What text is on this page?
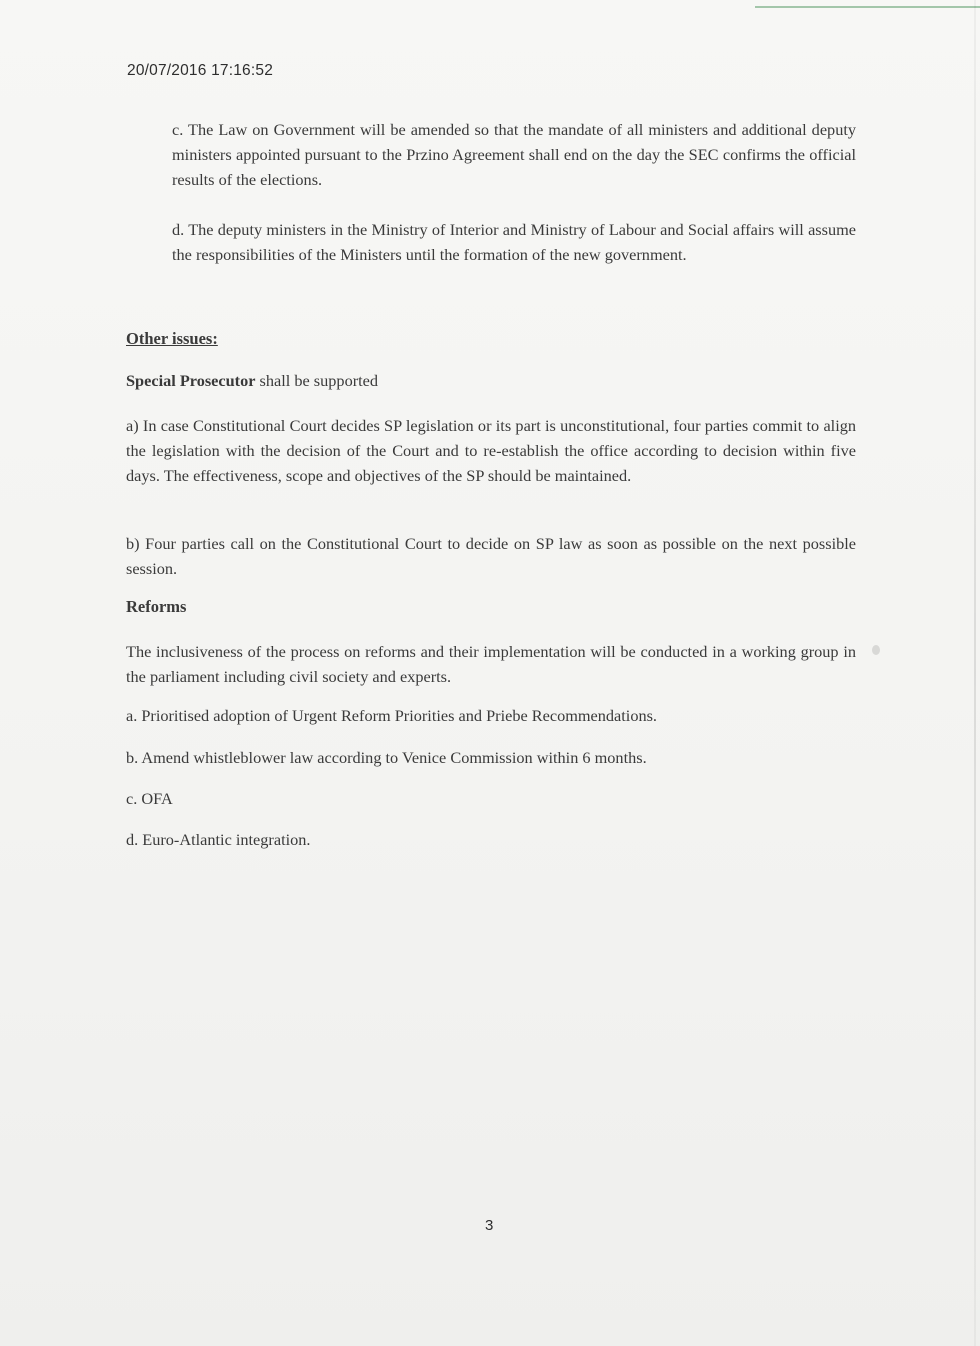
20/07/2016 17:16:52

c. The Law on Government will be amended so that the mandate of all ministers and additional deputy ministers appointed pursuant to the Przino Agreement shall end on the day the SEC confirms the official results of the elections.

d. The deputy ministers in the Ministry of Interior and Ministry of Labour and Social affairs will assume the responsibilities of the Ministers until the formation of the new government.

Other issues:

Special Prosecutor shall be supported

a) In case Constitutional Court decides SP legislation or its part is unconstitutional, four parties commit to align the legislation with the decision of the Court and to re-establish the office according to decision within five days. The effectiveness, scope and objectives of the SP should be maintained.

b) Four parties call on the Constitutional Court to decide on SP law as soon as possible on the next possible session.

Reforms

The inclusiveness of the process on reforms and their implementation will be conducted in a working group in the parliament including civil society and experts.

a. Prioritised adoption of Urgent Reform Priorities and Priebe Recommendations.

b. Amend whistleblower law according to Venice Commission within 6 months.

c. OFA

d. Euro-Atlantic integration.

3
